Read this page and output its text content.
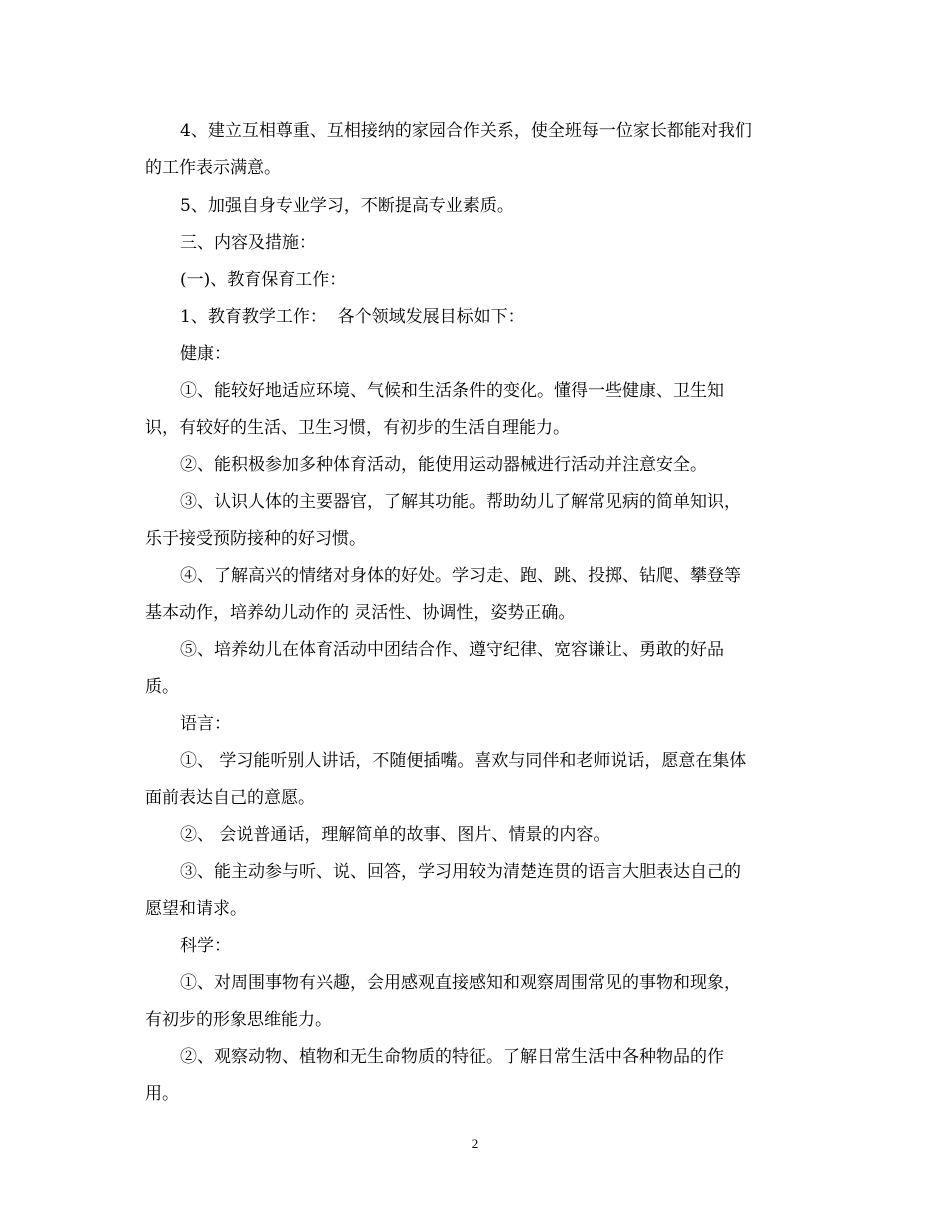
4、建立互相尊重、互相接纳的家园合作关系，使全班每一位家长都能对我们
的工作表示满意。
5、加强自身专业学习，不断提高专业素质。
三、内容及措施：
(一)、教育保育工作：
1、教育教学工作：  各个领域发展目标如下：
健康：
①、能较好地适应环境、气候和生活条件的变化。懂得一些健康、卫生知
识，有较好的生活、卫生习惯，有初步的生活自理能力。
②、能积极参加多种体育活动，能使用运动器械进行活动并注意安全。
③、认识人体的主要器官，了解其功能。帮助幼儿了解常见病的简单知识，
乐于接受预防接种的好习惯。
④、了解高兴的情绪对身体的好处。学习走、跑、跳、投掷、钻爬、攀登等
基本动作，培养幼儿动作的 灵活性、协调性，姿势正确。
⑤、培养幼儿在体育活动中团结合作、遵守纪律、宽容谦让、勇敢的好品
质。
语言：
①、 学习能听别人讲话，不随便插嘴。喜欢与同伴和老师说话，愿意在集体
面前表达自己的意愿。
②、 会说普通话，理解简单的故事、图片、情景的内容。
③、能主动参与听、说、回答，学习用较为清楚连贯的语言大胆表达自己的
愿望和请求。
科学：
①、对周围事物有兴趣，会用感观直接感知和观察周围常见的事物和现象，
有初步的形象思维能力。
②、观察动物、植物和无生命物质的特征。了解日常生活中各种物品的作
用。
2
